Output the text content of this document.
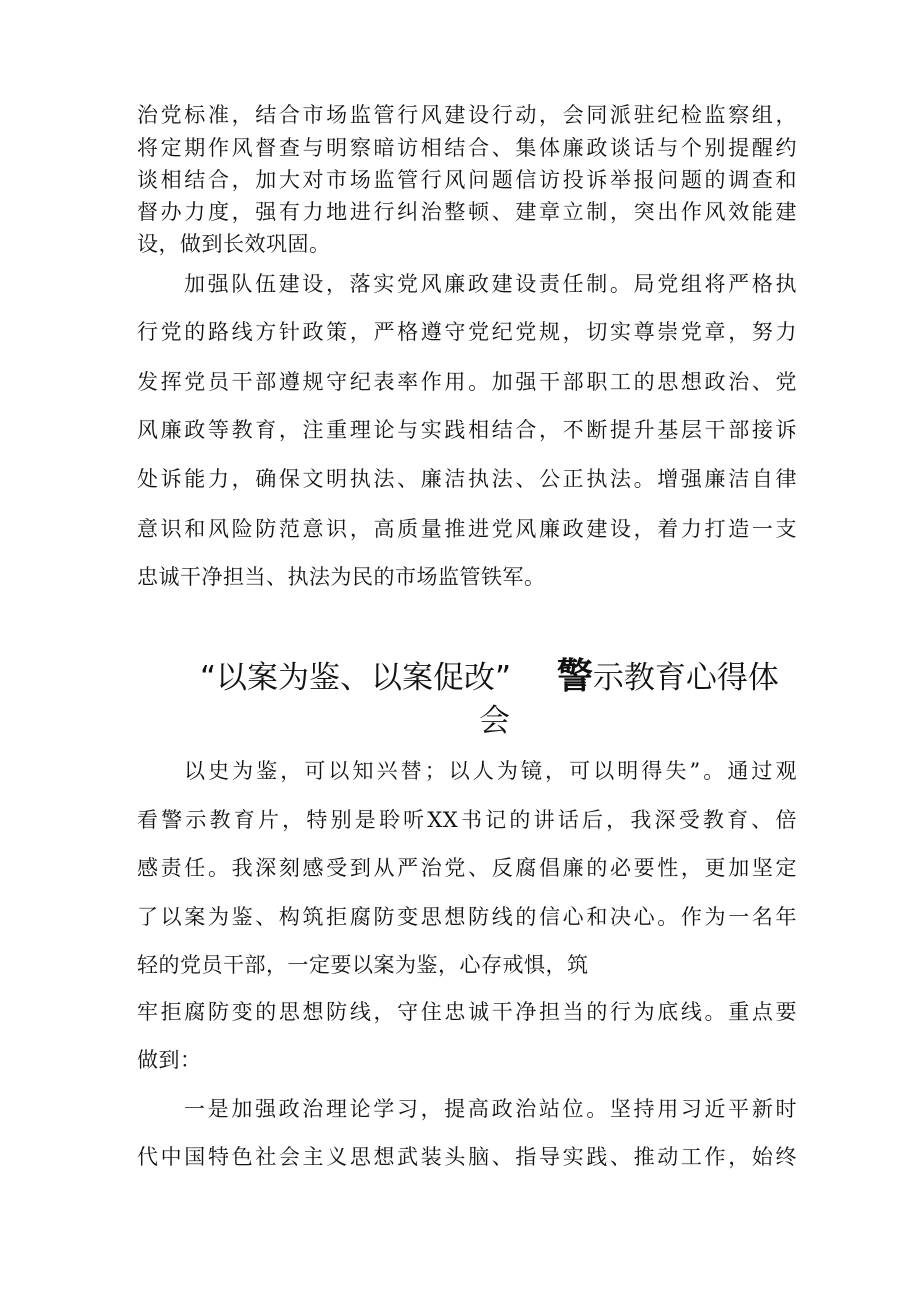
治党标准，结合市场监管行风建设行动，会同派驻纪检监察组，
将定期作风督查与明察暗访相结合、集体廉政谈话与个别提醒约
谈相结合，加大对市场监管行风问题信访投诉举报问题的调查和
督办力度，强有力地进行纠治整顿、建章立制，突出作风效能建
设，做到长效巩固。
加强队伍建设，落实党风廉政建设责任制。局党组将严格执
行党的路线方针政策，严格遵守党纪党规，切实尊崇党章，努力
发挥党员干部遵规守纪表率作用。加强干部职工的思想政治、党
风廉政等教育，注重理论与实践相结合，不断提升基层干部接诉
处诉能力，确保文明执法、廉洁执法、公正执法。增强廉洁自律
意识和风险防范意识，高质量推进党风廉政建设，着力打造一支
忠诚干净担当、执法为民的市场监管铁军。
“以案为鉴、以案促改” 警示教育心得体
会
以史为鉴，可以知兴替；以人为镜，可以明得失”。通过观
看警示教育片，特别是聆听XX书记的讲话后，我深受教育、倍
感责任。我深刻感受到从严治党、反腐倡廉的必要性，更加坚定
了以案为鉴、构筑拒腐防变思想防线的信心和决心。作为一名年
轻的党员干部，一定要以案为鉴，心存戒惧，筑
牢拒腐防变的思想防线，守住忠诚干净担当的行为底线。重点要
做到：
一是加强政治理论学习，提高政治站位。坚持用习近平新时
代中国特色社会主义思想武装头脑、指导实践、推动工作，始终
